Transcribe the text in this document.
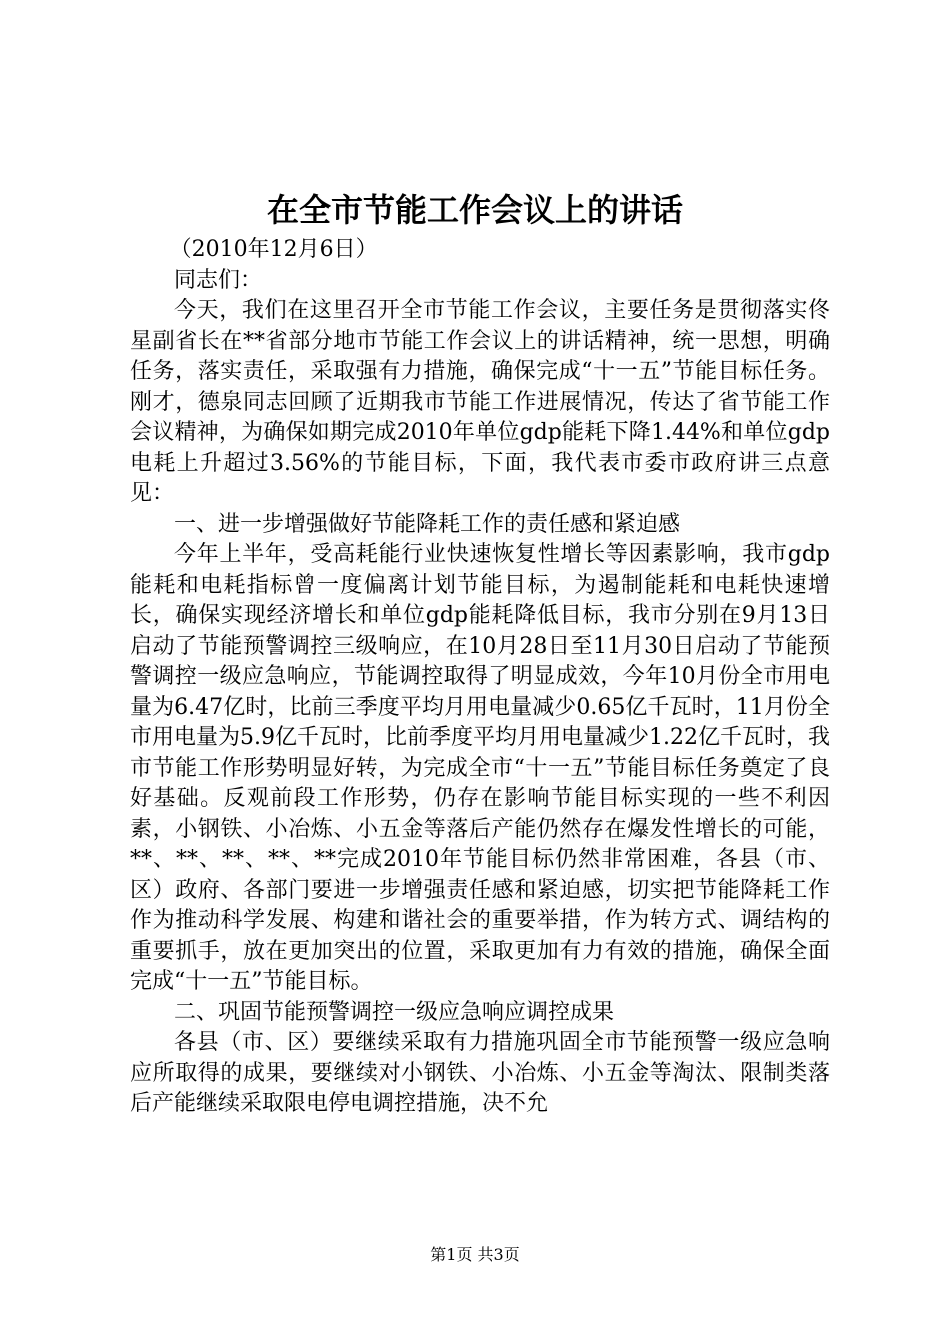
在全市节能工作会议上的讲话

（2010年12月6日）

同志们：

今天，我们在这里召开全市节能工作会议，主要任务是贯彻落实佟星副省长在**省部分地市节能工作会议上的讲话精神，统一思想，明确任务，落实责任，采取强有力措施，确保完成“十一五”节能目标任务。刚才，德泉同志回顾了近期我市节能工作进展情况，传达了省节能工作会议精神，为确保如期完成2010年单位gdp能耗下降1.44%和单位gdp电耗上升超过3.56%的节能目标，下面，我代表市委市政府讲三点意见：

一、进一步增强做好节能降耗工作的责任感和紧迫感

今年上半年，受高耗能行业快速恢复性增长等因素影响，我市gdp能耗和电耗指标曾一度偏离计划节能目标，为遏制能耗和电耗快速增长，确保实现经济增长和单位gdp能耗降低目标，我市分别在9月13日启动了节能预警调控三级响应，在10月28日至11月30日启动了节能预警调控一级应急响应，节能调控取得了明显成效，今年10月份全市用电量为6.47亿时，比前三季度平均月用电量减少0.65亿千瓦时，11月份全市用电量为5.9亿千瓦时，比前季度平均月用电量减少1.22亿千瓦时，我市节能工作形势明显好转，为完成全市“十一五”节能目标任务奠定了良好基础。反观前段工作形势，仍存在影响节能目标实现的一些不利因素，小钢铁、小冶炼、小五金等落后产能仍然存在爆发性增长的可能，**、**、**、**、**完成2010年节能目标仍然非常困难，各县（市、区）政府、各部门要进一步增强责任感和紧迫感，切实把节能降耗工作作为推动科学发展、构建和谐社会的重要举措，作为转方式、调结构的重要抓手，放在更加突出的位置，采取更加有力有效的措施，确保全面完成“十一五”节能目标。

二、巩固节能预警调控一级应急响应调控成果

各县（市、区）要继续采取有力措施巩固全市节能预警一级应急响应所取得的成果，要继续对小钢铁、小冶炼、小五金等淘汰、限制类落后产能继续采取限电停电调控措施，决不允

第1页 共3页
